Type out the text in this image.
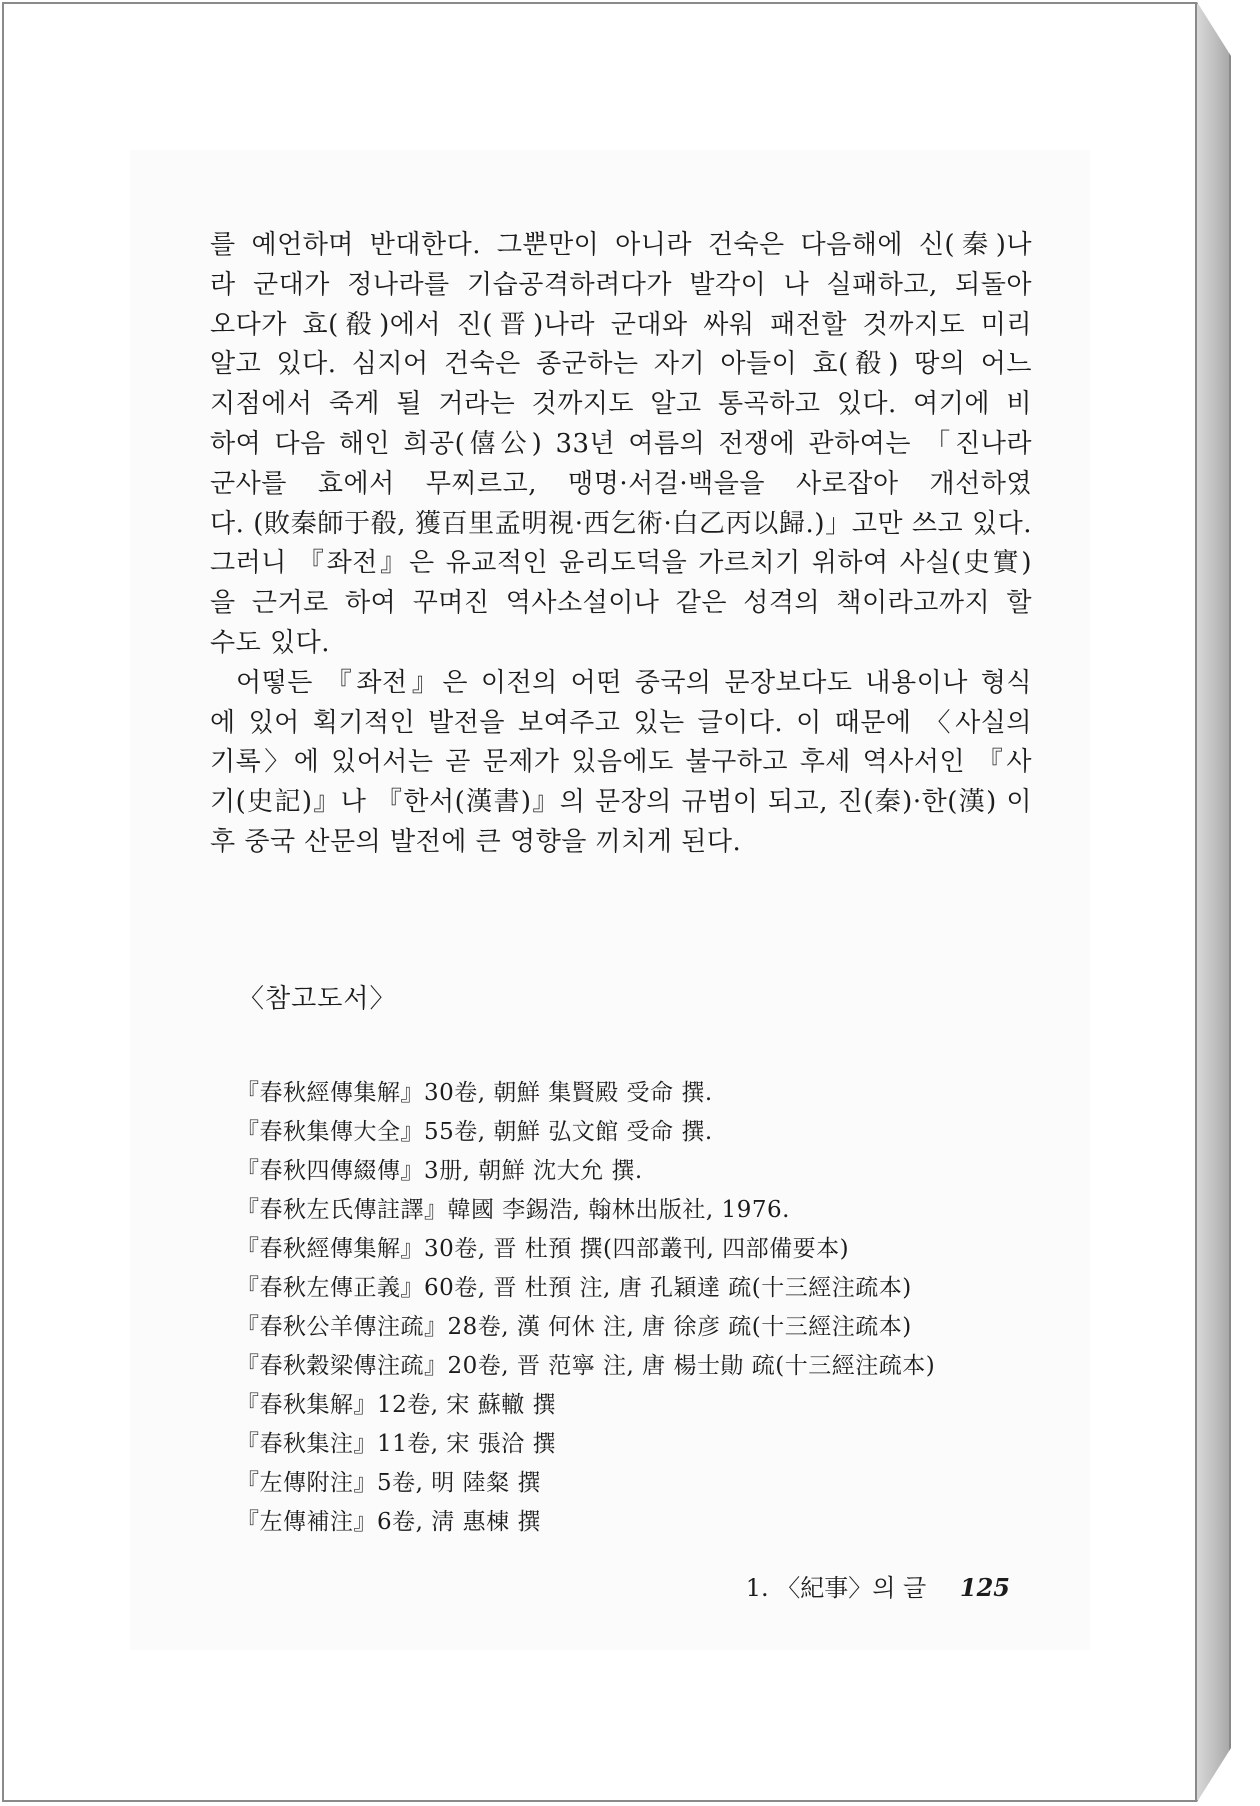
를 예언하며 반대한다. 그뿐만이 아니라 건숙은 다음해에 신(秦)나
라 군대가 정나라를 기습공격하려다가 발각이 나 실패하고, 되돌아
오다가 효(殽)에서 진(晋)나라 군대와 싸워 패전할 것까지도 미리
알고 있다. 심지어 건숙은 종군하는 자기 아들이 효(殽) 땅의 어느
지점에서 죽게 될 거라는 것까지도 알고 통곡하고 있다. 여기에 비
하여 다음 해인 희공(僖公) 33년 여름의 전쟁에 관하여는 「진나라
군사를 효에서 무찌르고, 맹명·서걸·백을을 사로잡아 개선하였
다. (敗秦師于殽, 獲百里孟明視·西乞術·白乙丙以歸.)」고만 쓰고 있다.
그러니 『좌전』은 유교적인 윤리도덕을 가르치기 위하여 사실(史實)
을 근거로 하여 꾸며진 역사소설이나 같은 성격의 책이라고까지 할
수도 있다.
어떻든 『좌전』은 이전의 어떤 중국의 문장보다도 내용이나 형식
에 있어 획기적인 발전을 보여주고 있는 글이다. 이 때문에 〈사실의
기록〉에 있어서는 곧 문제가 있음에도 불구하고 후세 역사서인 『사
기(史記)』나 『한서(漢書)』의 문장의 규범이 되고, 진(秦)·한(漢) 이
후 중국 산문의 발전에 큰 영향을 끼치게 된다.
〈참고도서〉
『春秋經傳集解』30卷, 朝鮮 集賢殿 受命 撰.
『春秋集傳大全』55卷, 朝鮮 弘文館 受命 撰.
『春秋四傳綴傳』3册, 朝鮮 沈大允 撰.
『春秋左氏傳註譯』韓國 李錫浩, 翰林出版社, 1976.
『春秋經傳集解』30卷, 晋 杜預 撰(四部叢刊, 四部備要本)
『春秋左傳正義』60卷, 晋 杜預 注, 唐 孔穎達 疏(十三經注疏本)
『春秋公羊傳注疏』28卷, 漢 何休 注, 唐 徐彦 疏(十三經注疏本)
『春秋穀梁傳注疏』20卷, 晋 范寧 注, 唐 楊士勛 疏(十三經注疏本)
『春秋集解』12卷, 宋 蘇轍 撰
『春秋集注』11卷, 宋 張洽 撰
『左傳附注』5卷, 明 陸粲 撰
『左傳補注』6卷, 淸 惠棟 撰
1. 〈紀事〉의 글 125
